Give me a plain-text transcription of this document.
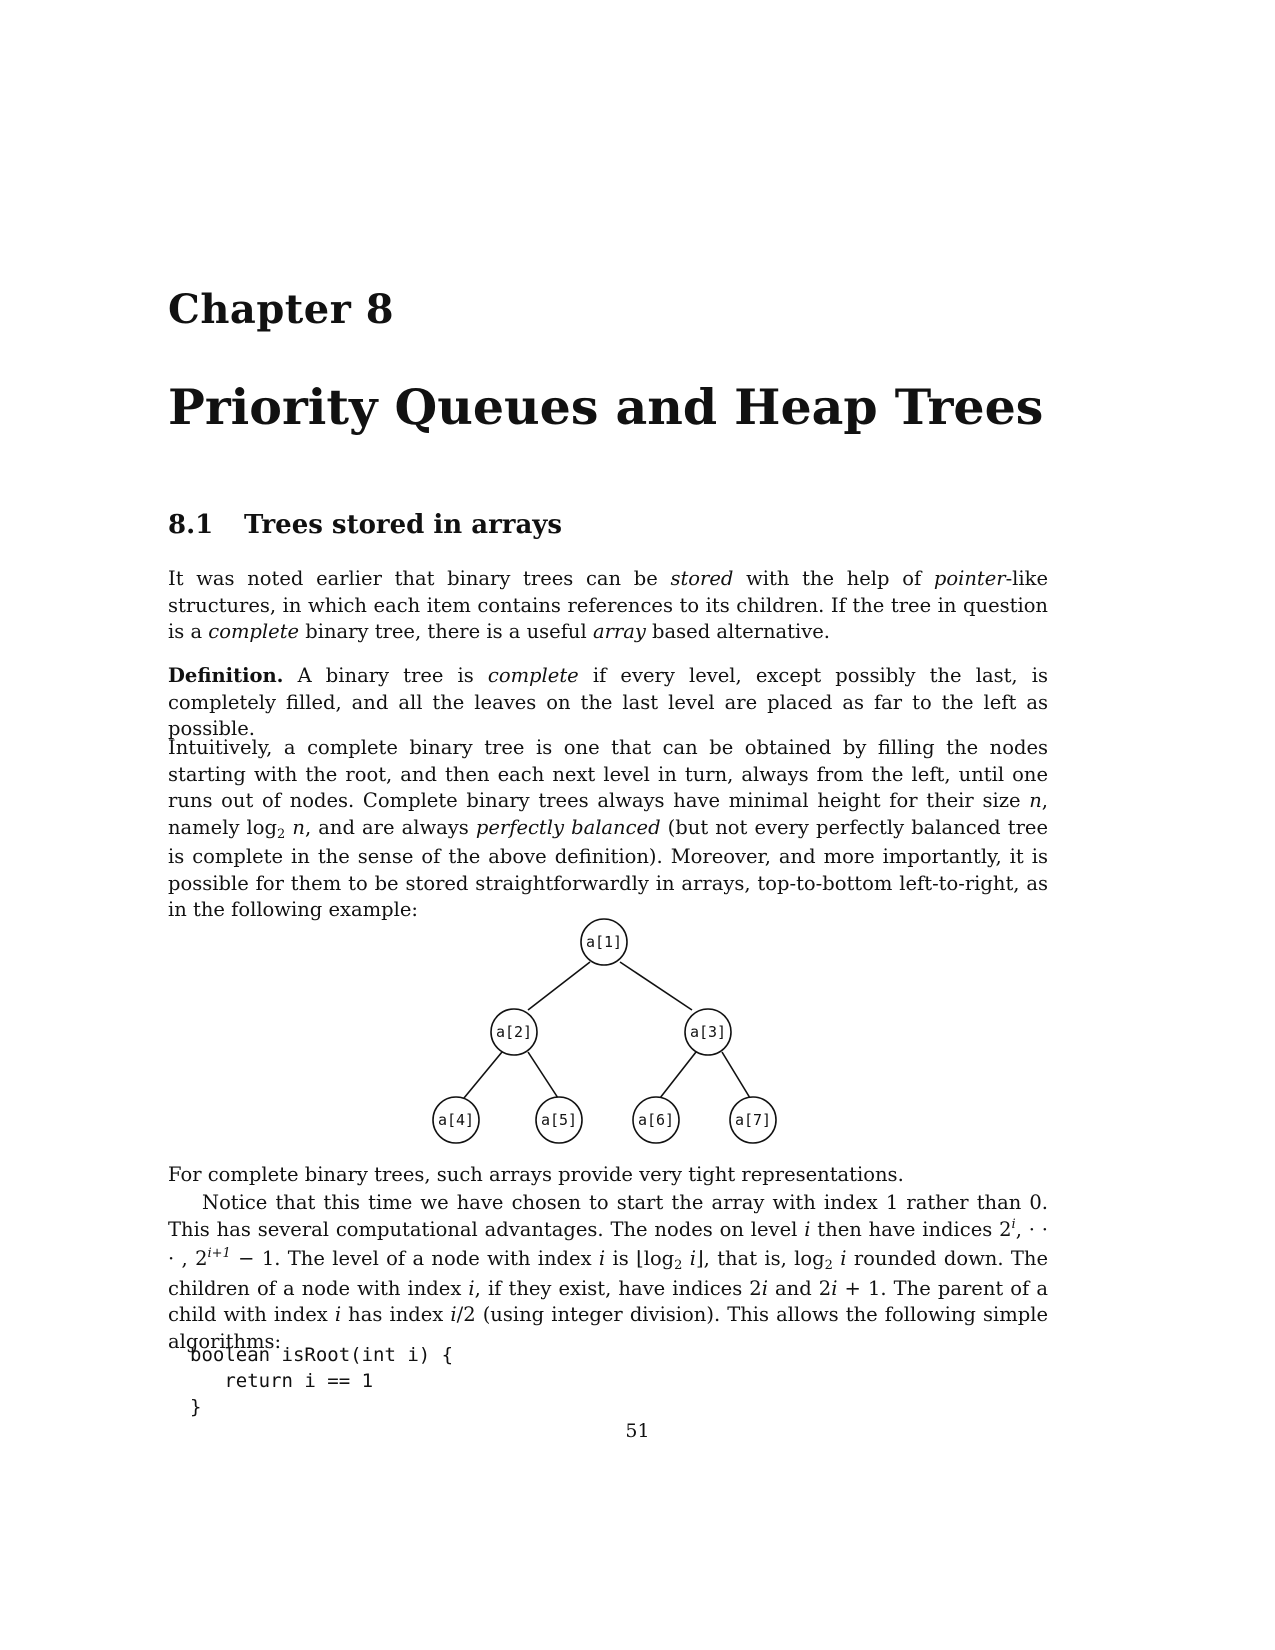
Chapter 8
Priority Queues and Heap Trees
8.1 Trees stored in arrays
It was noted earlier that binary trees can be stored with the help of pointer-like structures, in which each item contains references to its children. If the tree in question is a complete binary tree, there is a useful array based alternative.
Definition. A binary tree is complete if every level, except possibly the last, is completely filled, and all the leaves on the last level are placed as far to the left as possible.
Intuitively, a complete binary tree is one that can be obtained by filling the nodes starting with the root, and then each next level in turn, always from the left, until one runs out of nodes. Complete binary trees always have minimal height for their size n, namely $\log_2 n$, and are always perfectly balanced (but not every perfectly balanced tree is complete in the sense of the above definition). Moreover, and more importantly, it is possible for them to be stored straightforwardly in arrays, top-to-bottom left-to-right, as in the following example:
a[1]
a[2]	a[3]
a[4]	a[5]	a[6]	a[7]
For complete binary trees, such arrays provide very tight representations.
Notice that this time we have chosen to start the array with index 1 rather than 0. This has several computational advantages. The nodes on level i then have indices $2^i$, · · · , $2^{i+1} - 1$. The level of a node with index i is $⌊\log_2$ i⌋, that is, $\log_2 i$ rounded down. The children of a node with index i, if they exist, have indices 2i and 2i + 1. The parent of a child with index i has index i/2 (using integer division). This allows the following simple algorithms:
boolean isRoot(int i) {
return i == 1
}
51
